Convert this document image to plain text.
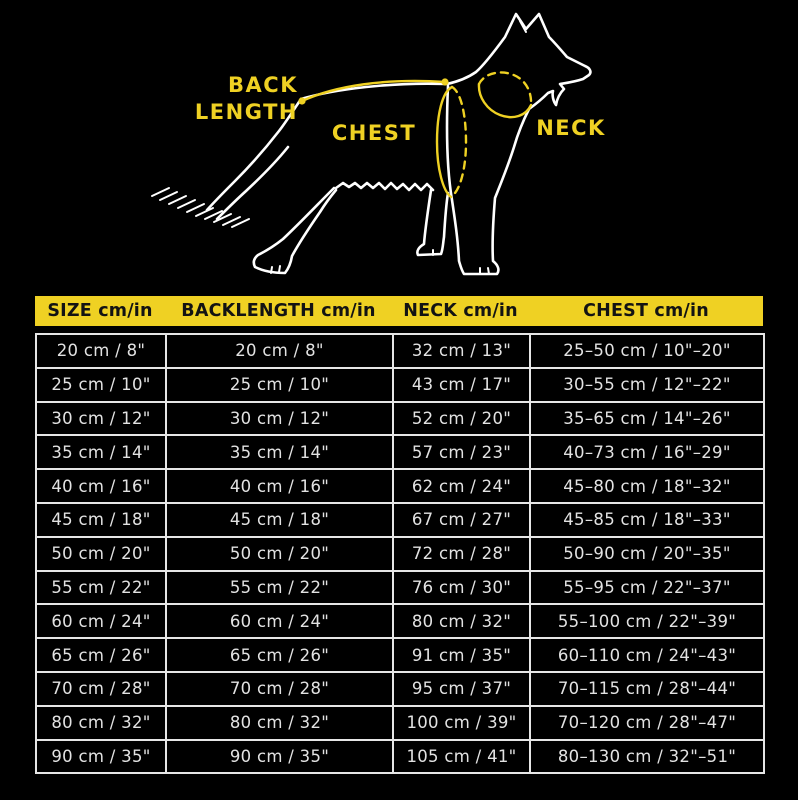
BACK
LENGTH
CHEST	NECK
SIZE cm/in	BACKLENGTH cm/in	NECK cm/in	CHEST cm/in
20 cm / 8"	20 cm / 8"	32 cm / 13"	25–50 cm / 10"–20"
25 cm / 10"	25 cm / 10"	43 cm / 17"	30–55 cm / 12"–22"
30 cm / 12"	30 cm / 12"	52 cm / 20"	35–65 cm / 14"–26"
35 cm / 14"	35 cm / 14"	57 cm / 23"	40–73 cm / 16"–29"
40 cm / 16"	40 cm / 16"	62 cm / 24"	45–80 cm / 18"–32"
45 cm / 18"	45 cm / 18"	67 cm / 27"	45–85 cm / 18"–33"
50 cm / 20"	50 cm / 20"	72 cm / 28"	50–90 cm / 20"–35"
55 cm / 22"	55 cm / 22"	76 cm / 30"	55–95 cm / 22"–37"
60 cm / 24"	60 cm / 24"	80 cm / 32"	55–100 cm / 22"–39"
65 cm / 26"	65 cm / 26"	91 cm / 35"	60–110 cm / 24"–43"
70 cm / 28"	70 cm / 28"	95 cm / 37"	70–115 cm / 28"–44"
80 cm / 32"	80 cm / 32"	100 cm / 39"	70–120 cm / 28"–47"
90 cm / 35"	90 cm / 35"	105 cm / 41"	80–130 cm / 32"–51"
